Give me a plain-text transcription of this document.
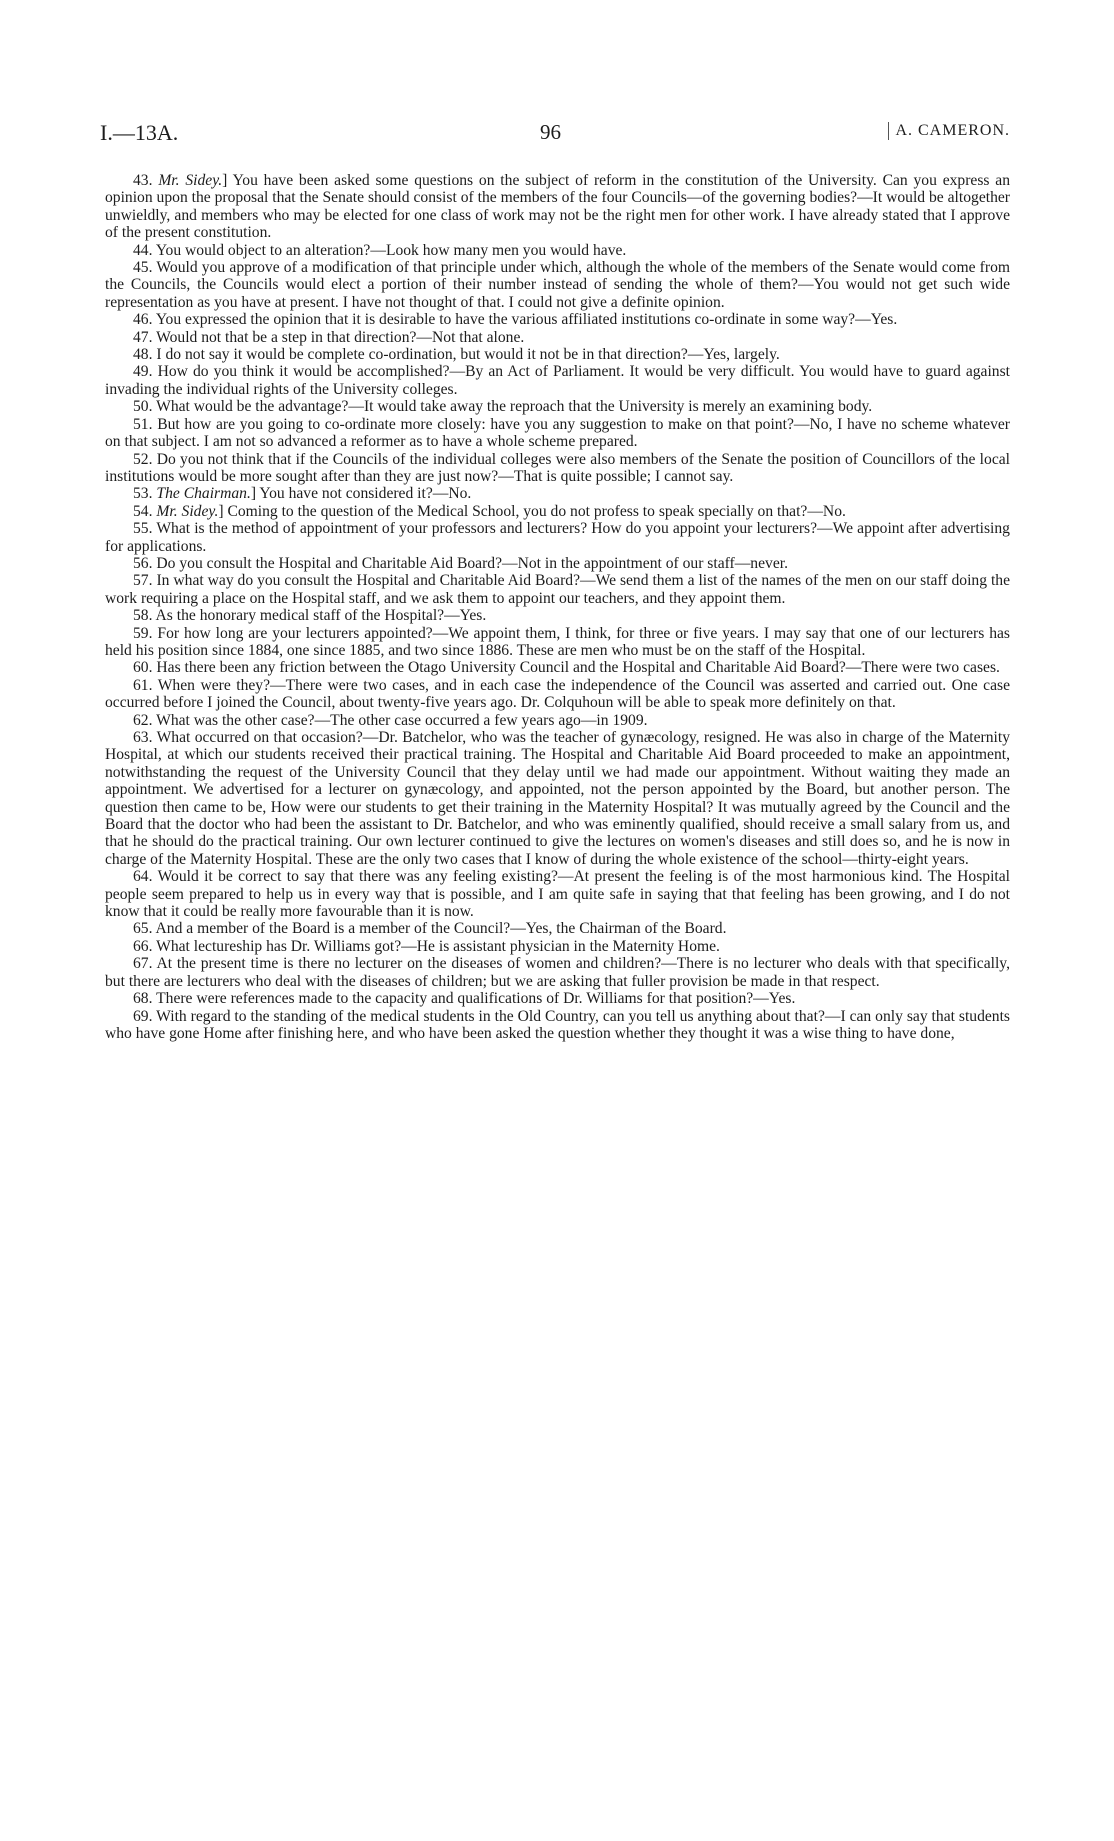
I.—13A.	96	A. CAMERON.

43. Mr. Sidey.] You have been asked some questions on the subject of reform in the constitution of the University. Can you express an opinion upon the proposal that the Senate should consist of the members of the four Councils—of the governing bodies?—It would be altogether unwieldly, and members who may be elected for one class of work may not be the right men for other work. I have already stated that I approve of the present constitution.

44. You would object to an alteration?—Look how many men you would have.

45. Would you approve of a modification of that principle under which, although the whole of the members of the Senate would come from the Councils, the Councils would elect a portion of their number instead of sending the whole of them?—You would not get such wide representation as you have at present. I have not thought of that. I could not give a definite opinion.

46. You expressed the opinion that it is desirable to have the various affiliated institutions co-ordinate in some way?—Yes.

47. Would not that be a step in that direction?—Not that alone.

48. I do not say it would be complete co-ordination, but would it not be in that direction?—Yes, largely.

49. How do you think it would be accomplished?—By an Act of Parliament. It would be very difficult. You would have to guard against invading the individual rights of the University colleges.

50. What would be the advantage?—It would take away the reproach that the University is merely an examining body.

51. But how are you going to co-ordinate more closely: have you any suggestion to make on that point?—No, I have no scheme whatever on that subject. I am not so advanced a reformer as to have a whole scheme prepared.

52. Do you not think that if the Councils of the individual colleges were also members of the Senate the position of Councillors of the local institutions would be more sought after than they are just now?—That is quite possible; I cannot say.

53. The Chairman.] You have not considered it?—No.

54. Mr. Sidey.] Coming to the question of the Medical School, you do not profess to speak specially on that?—No.

55. What is the method of appointment of your professors and lecturers? How do you appoint your lecturers?—We appoint after advertising for applications.

56. Do you consult the Hospital and Charitable Aid Board?—Not in the appointment of our staff—never.

57. In what way do you consult the Hospital and Charitable Aid Board?—We send them a list of the names of the men on our staff doing the work requiring a place on the Hospital staff, and we ask them to appoint our teachers, and they appoint them.

58. As the honorary medical staff of the Hospital?—Yes.

59. For how long are your lecturers appointed?—We appoint them, I think, for three or five years. I may say that one of our lecturers has held his position since 1884, one since 1885, and two since 1886. These are men who must be on the staff of the Hospital.

60. Has there been any friction between the Otago University Council and the Hospital and Charitable Aid Board?—There were two cases.

61. When were they?—There were two cases, and in each case the independence of the Council was asserted and carried out. One case occurred before I joined the Council, about twenty-five years ago. Dr. Colquhoun will be able to speak more definitely on that.

62. What was the other case?—The other case occurred a few years ago—in 1909.

63. What occurred on that occasion?—Dr. Batchelor, who was the teacher of gynæcology, resigned. He was also in charge of the Maternity Hospital, at which our students received their practical training. The Hospital and Charitable Aid Board proceeded to make an appointment, notwithstanding the request of the University Council that they delay until we had made our appointment. Without waiting they made an appointment. We advertised for a lecturer on gynæcology, and appointed, not the person appointed by the Board, but another person. The question then came to be, How were our students to get their training in the Maternity Hospital? It was mutually agreed by the Council and the Board that the doctor who had been the assistant to Dr. Batchelor, and who was eminently qualified, should receive a small salary from us, and that he should do the practical training. Our own lecturer continued to give the lectures on women's diseases and still does so, and he is now in charge of the Maternity Hospital. These are the only two cases that I know of during the whole existence of the school—thirty-eight years.

64. Would it be correct to say that there was any feeling existing?—At present the feeling is of the most harmonious kind. The Hospital people seem prepared to help us in every way that is possible, and I am quite safe in saying that that feeling has been growing, and I do not know that it could be really more favourable than it is now.

65. And a member of the Board is a member of the Council?—Yes, the Chairman of the Board.

66. What lectureship has Dr. Williams got?—He is assistant physician in the Maternity Home.

67. At the present time is there no lecturer on the diseases of women and children?—There is no lecturer who deals with that specifically, but there are lecturers who deal with the diseases of children; but we are asking that fuller provision be made in that respect.

68. There were references made to the capacity and qualifications of Dr. Williams for that position?—Yes.

69. With regard to the standing of the medical students in the Old Country, can you tell us anything about that?—I can only say that students who have gone Home after finishing here, and who have been asked the question whether they thought it was a wise thing to have done,
